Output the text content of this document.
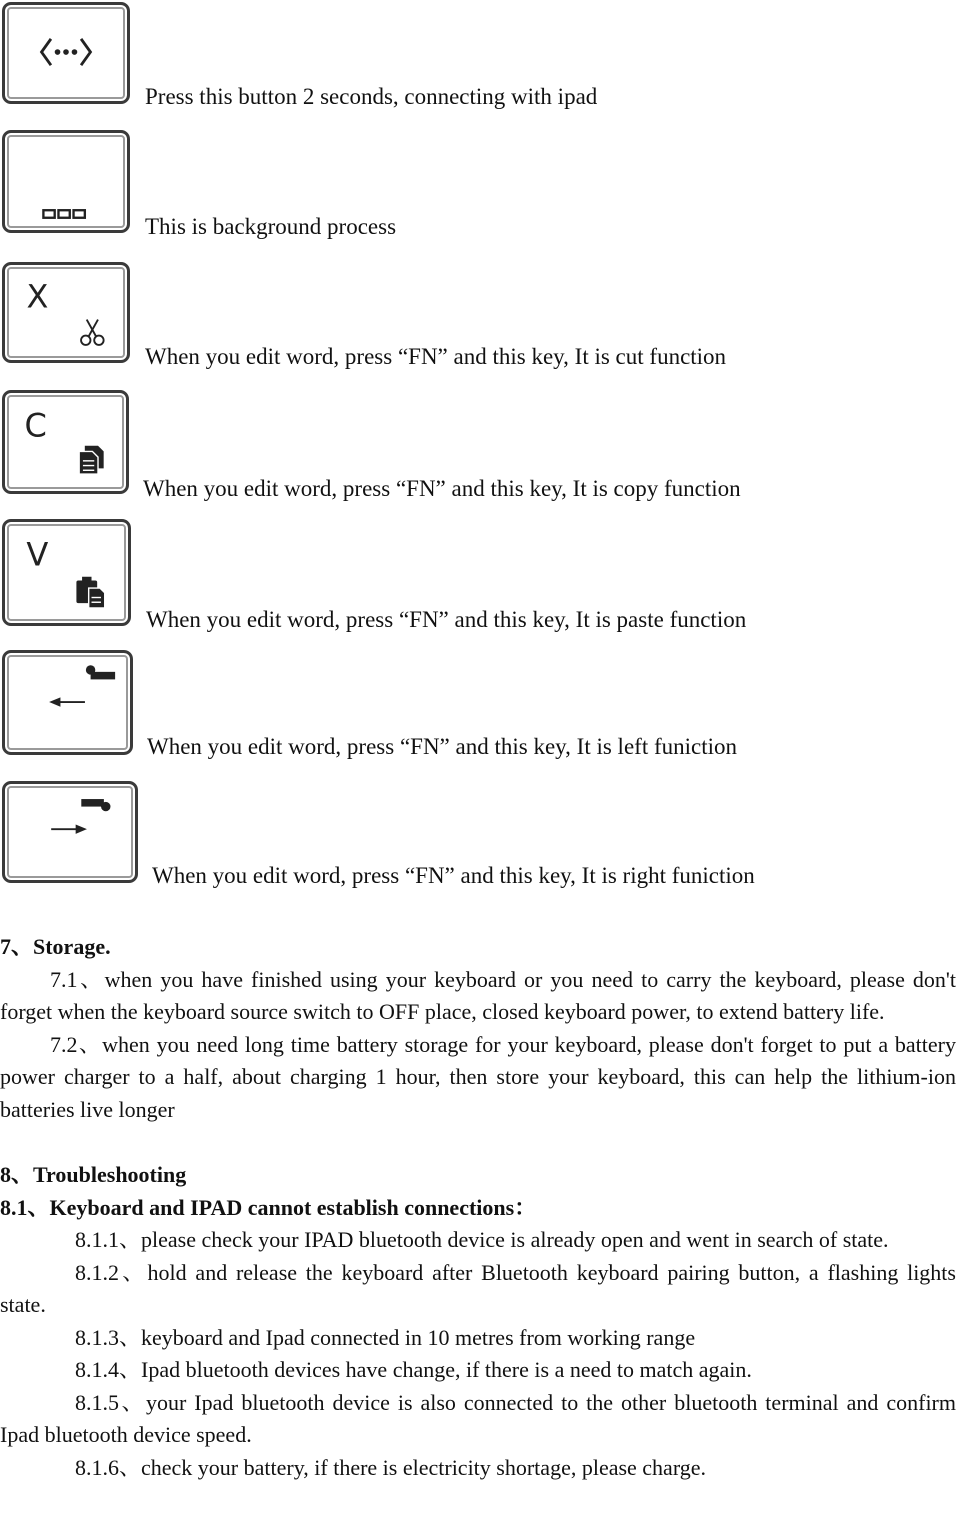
Press this button 2 seconds, connecting with ipad
This is background process
X
When you edit word, press “FN” and this key, It is cut function
C
When you edit word, press “FN” and this key, It is copy function
V
When you edit word, press “FN” and this key, It is paste function
When you edit word, press “FN” and this key, It is left funiction
When you edit word, press “FN” and this key, It is right funiction
7、Storage.
7.1、when you have finished using your keyboard or you need to carry the keyboard, please don't forget when the keyboard source switch to OFF place, closed keyboard power, to extend battery life.
7.2、when you need long time battery storage for your keyboard, please don't forget to put a battery power charger to a half, about charging 1 hour, then store your keyboard, this can help the lithium-ion batteries live longer
8、Troubleshooting
8.1、Keyboard and IPAD cannot establish connections：
8.1.1、please check your IPAD bluetooth device is already open and went in search of state.
8.1.2、hold and release the keyboard after Bluetooth keyboard pairing button, a flashing lights state.
8.1.3、keyboard and Ipad connected in 10 metres from working range
8.1.4、Ipad bluetooth devices have change, if there is a need to match again.
8.1.5、your Ipad bluetooth device is also connected to the other bluetooth terminal and confirm Ipad bluetooth device speed.
8.1.6、check your battery, if there is electricity shortage, please charge.
